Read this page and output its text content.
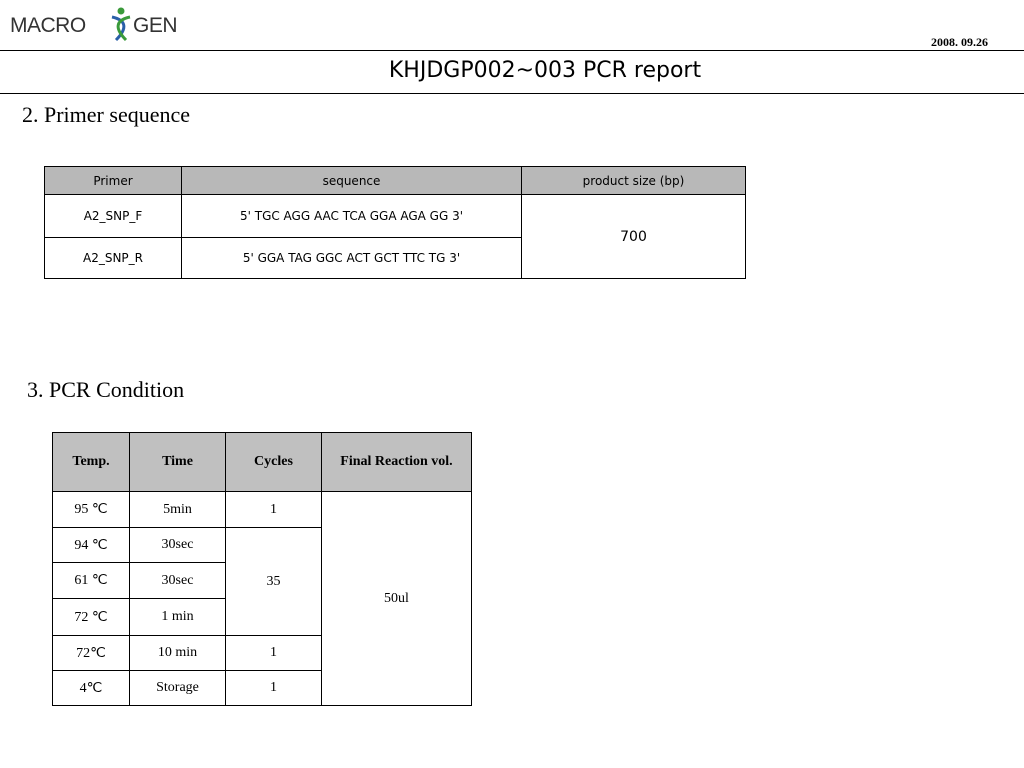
MACRO GEN
2008. 09.26
KHJDGP002~003 PCR report
2. Primer sequence
Primer	sequence	product size (bp)
A2_SNP_F	5' TGC AGG AAC TCA GGA AGA GG 3'	700
A2_SNP_R	5' GGA TAG GGC ACT GCT TTC TG 3'	
3. PCR Condition
Temp.	Time	Cycles	Final Reaction vol.
95 ℃	5min	1	50ul
94 ℃	30sec	35	
61 ℃	30sec		
72 ℃	1 min		
72℃	10 min	1	
4℃	Storage	1	
